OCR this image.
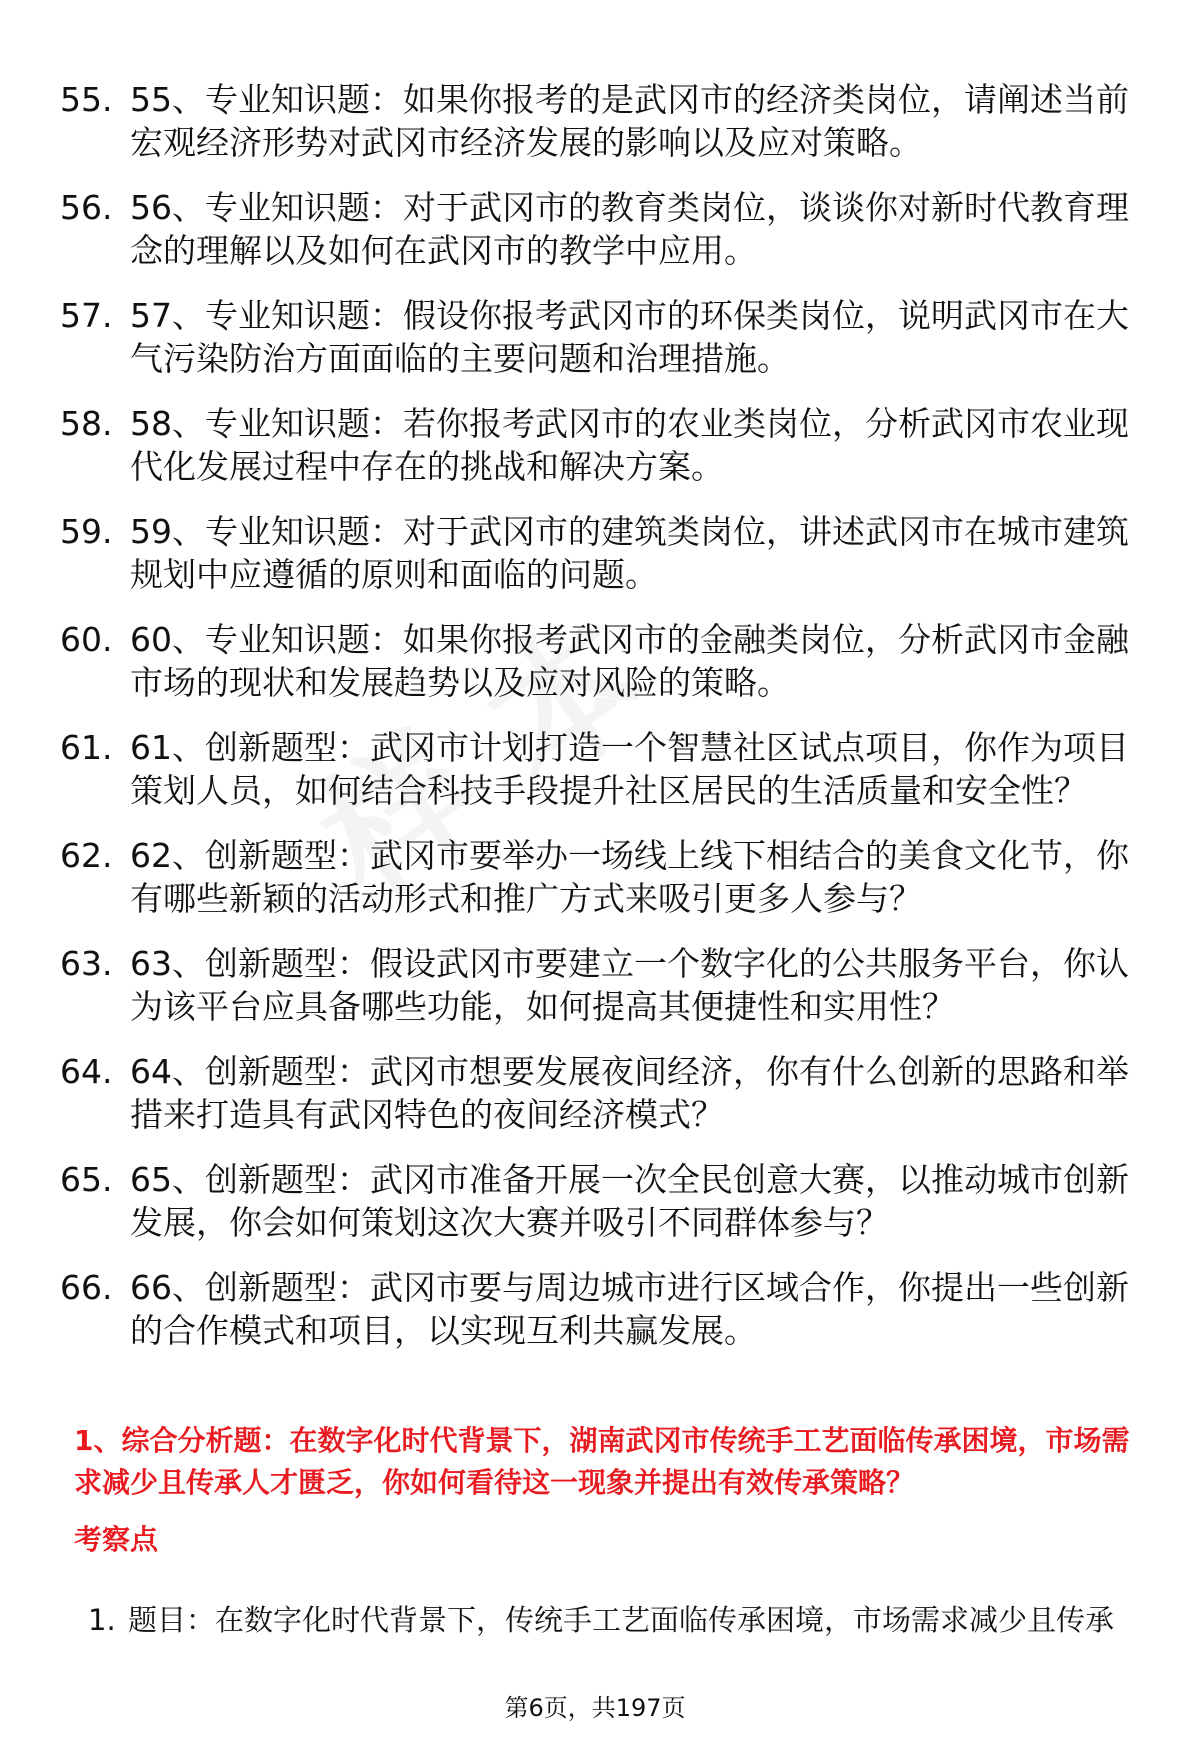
55. 55、专业知识题：如果你报考的是武冈市的经济类岗位，请阐述当前宏观经济形势对武冈市经济发展的影响以及应对策略。
56. 56、专业知识题：对于武冈市的教育类岗位，谈谈你对新时代教育理念的理解以及如何在武冈市的教学中应用。
57. 57、专业知识题：假设你报考武冈市的环保类岗位，说明武冈市在大气污染防治方面面临的主要问题和治理措施。
58. 58、专业知识题：若你报考武冈市的农业类岗位，分析武冈市农业现代化发展过程中存在的挑战和解决方案。
59. 59、专业知识题：对于武冈市的建筑类岗位，讲述武冈市在城市建筑规划中应遵循的原则和面临的问题。
60. 60、专业知识题：如果你报考武冈市的金融类岗位，分析武冈市金融市场的现状和发展趋势以及应对风险的策略。
61. 61、创新题型：武冈市计划打造一个智慧社区试点项目，你作为项目策划人员，如何结合科技手段提升社区居民的生活质量和安全性？
62. 62、创新题型：武冈市要举办一场线上线下相结合的美食文化节，你有哪些新颖的活动形式和推广方式来吸引更多人参与？
63. 63、创新题型：假设武冈市要建立一个数字化的公共服务平台，你认为该平台应具备哪些功能，如何提高其便捷性和实用性？
64. 64、创新题型：武冈市想要发展夜间经济，你有什么创新的思路和举措来打造具有武冈特色的夜间经济模式？
65. 65、创新题型：武冈市准备开展一次全民创意大赛，以推动城市创新发展，你会如何策划这次大赛并吸引不同群体参与？
66. 66、创新题型：武冈市要与周边城市进行区域合作，你提出一些创新的合作模式和项目，以实现互利共赢发展。
1、综合分析题：在数字化时代背景下，湖南武冈市传统手工艺面临传承困境，市场需求减少且传承人才匮乏，你如何看待这一现象并提出有效传承策略？
考察点
1. 题目：在数字化时代背景下，传统手工艺面临传承困境，市场需求减少且传承
第6页，共197页
